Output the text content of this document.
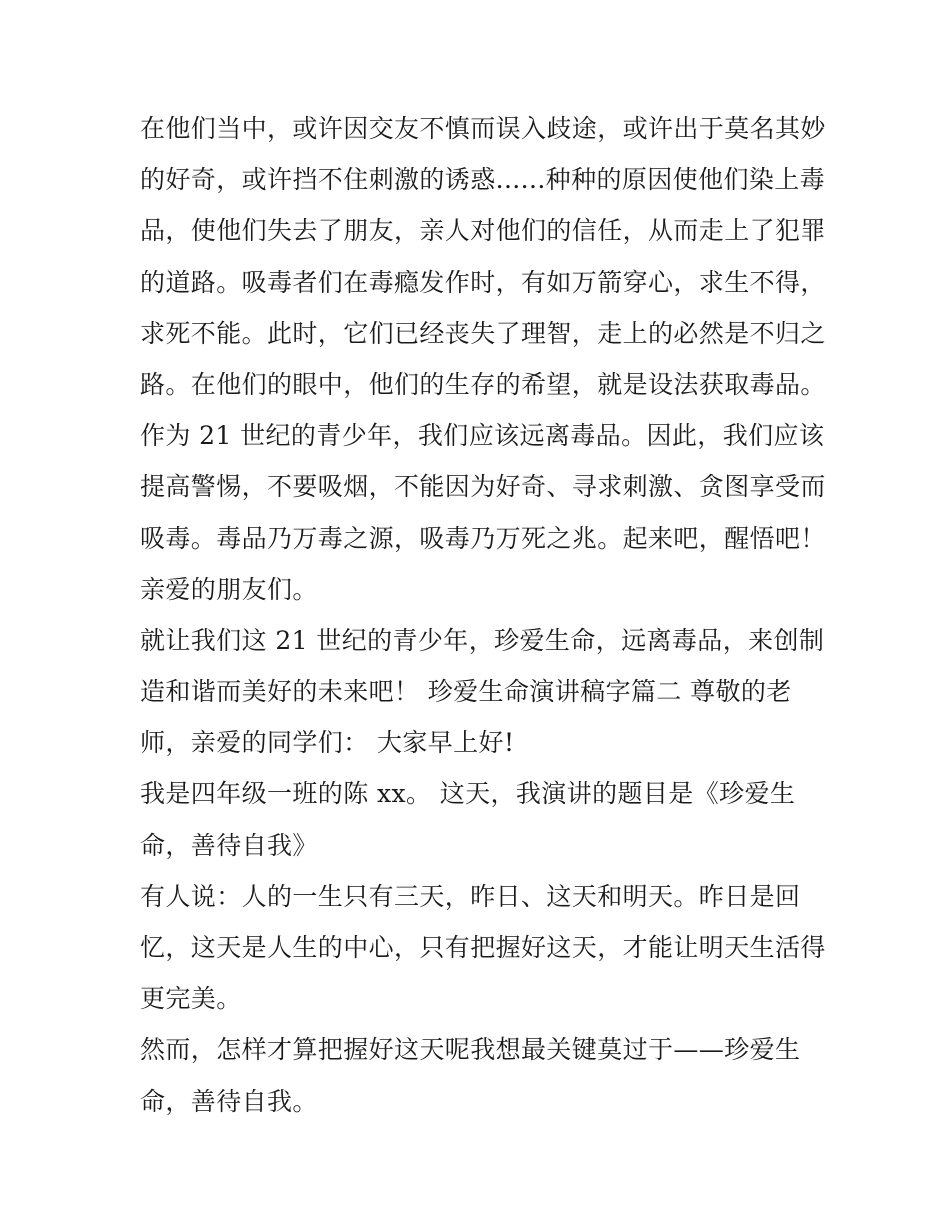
在他们当中，或许因交友不慎而误入歧途，或许出于莫名其妙
的好奇，或许挡不住刺激的诱惑......种种的原因使他们染上毒
品，使他们失去了朋友，亲人对他们的信任，从而走上了犯罪
的道路。吸毒者们在毒瘾发作时，有如万箭穿心，求生不得，
求死不能。此时，它们已经丧失了理智，走上的必然是不归之
路。在他们的眼中，他们的生存的希望，就是设法获取毒品。
作为 21 世纪的青少年，我们应该远离毒品。因此，我们应该
提高警惕，不要吸烟，不能因为好奇、寻求刺激、贪图享受而
吸毒。毒品乃万毒之源，吸毒乃万死之兆。起来吧，醒悟吧！
亲爱的朋友们。
就让我们这 21 世纪的青少年，珍爱生命，远离毒品，来创制
造和谐而美好的未来吧！ 珍爱生命演讲稿字篇二 尊敬的老
师，亲爱的同学们： 大家早上好!
我是四年级一班的陈 xx。 这天，我演讲的题目是《珍爱生
命，善待自我》
有人说：人的一生只有三天，昨日、这天和明天。昨日是回
忆，这天是人生的中心，只有把握好这天，才能让明天生活得
更完美。
然而，怎样才算把握好这天呢我想最关键莫过于——珍爱生
命，善待自我。
